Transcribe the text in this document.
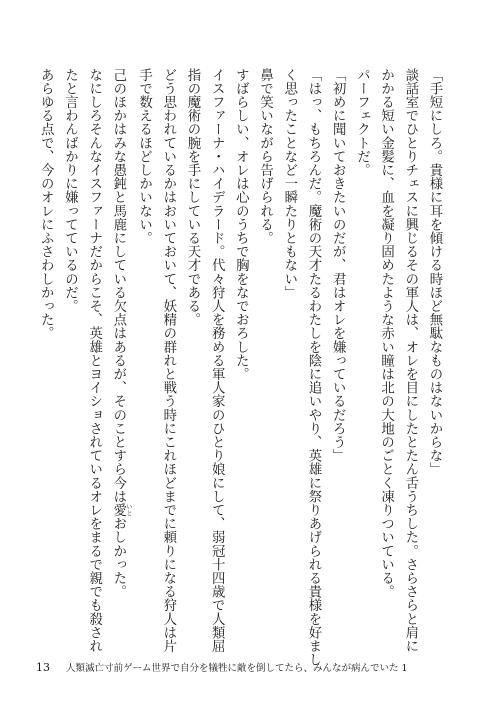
「手短にしろ。貴様に耳を傾ける時ほど無駄なものはないからな」
談話室でひとりチェスに興じるその軍人は、オレを目にしたとたん舌うちした。さらさらと肩に
かかる短い金髪に、血を凝り固めたような赤い瞳は北の大地のごとく凍りついている。
パーフェクトだ。
「初めに聞いておきたいのだが、君はオレを嫌っているだろう」
「はっ、もちろんだ。魔術の天才たるわたしを陰に追いやり、英雄に祭りあげられる貴様を好まし
く思ったことなど一瞬たりともない」
鼻で笑いながら告げられる。
すばらしい、オレは心のうちで胸をなでおろした。
イスファーナ・ハイデラード。代々狩人を務める軍人家のひとり娘にして、弱冠十四歳で人類屈
指の魔術の腕を手にしている天才である。
どう思われているかはおいておいて、妖精の群れと戦う時にこれほどまでに頼りになる狩人は片
手で数えるほどしかいない。
己のほかはみな愚鈍と馬鹿にしている欠点はあるが、そのことすら今は愛 いとおしかった。
なにしろそんなイスファーナだからこそ、英雄とヨイショされているオレをまるで親でも殺され
たと言わんばかりに嫌ってているのだ。
あらゆる点で、今のオレにふさわしかった。
13 人類滅亡寸前ゲーム世界で自分を犠牲に敵を倒してたら、みんなが病んでいた 1
